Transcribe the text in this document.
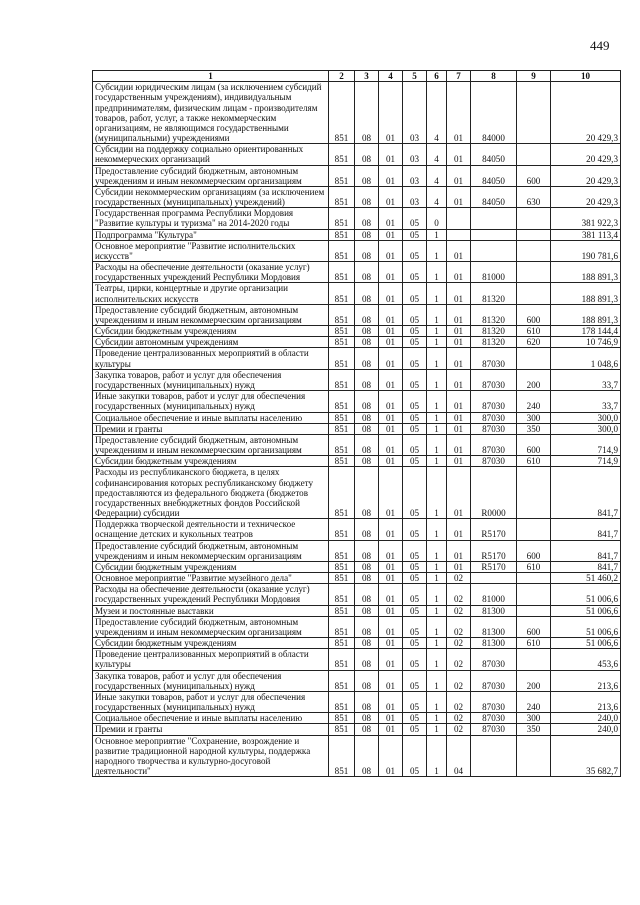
449
1	2	3	4	5	6	7	8	9	10
Субсидии юридическим лицам (за исключением субсидий государственным учреждениям), индивидуальным предпринимателям, физическим лицам - производителям товаров, работ, услуг, а также некоммерческим организациям, не являющимся государственными (муниципальными) учреждениями	851	08	01	03	4	01	84000		20 429,3
Субсидии на поддержку социально ориентированных некоммерческих организаций	851	08	01	03	4	01	84050		20 429,3
Предоставление субсидий бюджетным, автономным учреждениям и иным некоммерческим организациям	851	08	01	03	4	01	84050	600	20 429,3
Субсидии некоммерческим организациям (за исключением государственных (муниципальных) учреждений)	851	08	01	03	4	01	84050	630	20 429,3
Государственная программа Республики Мордовия "Развитие культуры и туризма" на 2014-2020 годы	851	08	01	05	0				381 922,3
Подпрограмма "Культура"	851	08	01	05	1				381 113,4
Основное мероприятие "Развитие исполнительских искусств"	851	08	01	05	1	01			190 781,6
Расходы на обеспечение деятельности (оказание услуг) государственных учреждений Республики Мордовия	851	08	01	05	1	01	81000		188 891,3
Театры, цирки, концертные и другие организации исполнительских искусств	851	08	01	05	1	01	81320		188 891,3
Предоставление субсидий бюджетным, автономным учреждениям и иным некоммерческим организациям	851	08	01	05	1	01	81320	600	188 891,3
Субсидии бюджетным учреждениям	851	08	01	05	1	01	81320	610	178 144,4
Субсидии автономным учреждениям	851	08	01	05	1	01	81320	620	10 746,9
Проведение централизованных мероприятий в области культуры	851	08	01	05	1	01	87030		1 048,6
Закупка товаров, работ и услуг для обеспечения государственных (муниципальных) нужд	851	08	01	05	1	01	87030	200	33,7
Иные закупки товаров, работ и услуг для обеспечения государственных (муниципальных) нужд	851	08	01	05	1	01	87030	240	33,7
Социальное обеспечение и иные выплаты населению	851	08	01	05	1	01	87030	300	300,0
Премии и гранты	851	08	01	05	1	01	87030	350	300,0
Предоставление субсидий бюджетным, автономным учреждениям и иным некоммерческим организациям	851	08	01	05	1	01	87030	600	714,9
Субсидии бюджетным учреждениям	851	08	01	05	1	01	87030	610	714,9
Расходы из республиканского бюджета, в целях софинансирования которых республиканскому бюджету предоставляются из федерального бюджета (бюджетов государственных внебюджетных фондов Российской Федерации) субсидии	851	08	01	05	1	01	R0000		841,7
Поддержка творческой деятельности и техническое оснащение детских и кукольных театров	851	08	01	05	1	01	R5170		841,7
Предоставление субсидий бюджетным, автономным учреждениям и иным некоммерческим организациям	851	08	01	05	1	01	R5170	600	841,7
Субсидии бюджетным учреждениям	851	08	01	05	1	01	R5170	610	841,7
Основное мероприятие "Развитие музейного дела"	851	08	01	05	1	02			51 460,2
Расходы на обеспечение деятельности (оказание услуг) государственных учреждений Республики Мордовия	851	08	01	05	1	02	81000		51 006,6
Музеи и постоянные выставки	851	08	01	05	1	02	81300		51 006,6
Предоставление субсидий бюджетным, автономным учреждениям и иным некоммерческим организациям	851	08	01	05	1	02	81300	600	51 006,6
Субсидии бюджетным учреждениям	851	08	01	05	1	02	81300	610	51 006,6
Проведение централизованных мероприятий в области культуры	851	08	01	05	1	02	87030		453,6
Закупка товаров, работ и услуг для обеспечения государственных (муниципальных) нужд	851	08	01	05	1	02	87030	200	213,6
Иные закупки товаров, работ и услуг для обеспечения государственных (муниципальных) нужд	851	08	01	05	1	02	87030	240	213,6
Социальное обеспечение и иные выплаты населению	851	08	01	05	1	02	87030	300	240,0
Премии и гранты	851	08	01	05	1	02	87030	350	240,0
Основное мероприятие "Сохранение, возрождение и развитие традиционной народной культуры, поддержка народного творчества и культурно-досуговой деятельности"	851	08	01	05	1	04			35 682,7
